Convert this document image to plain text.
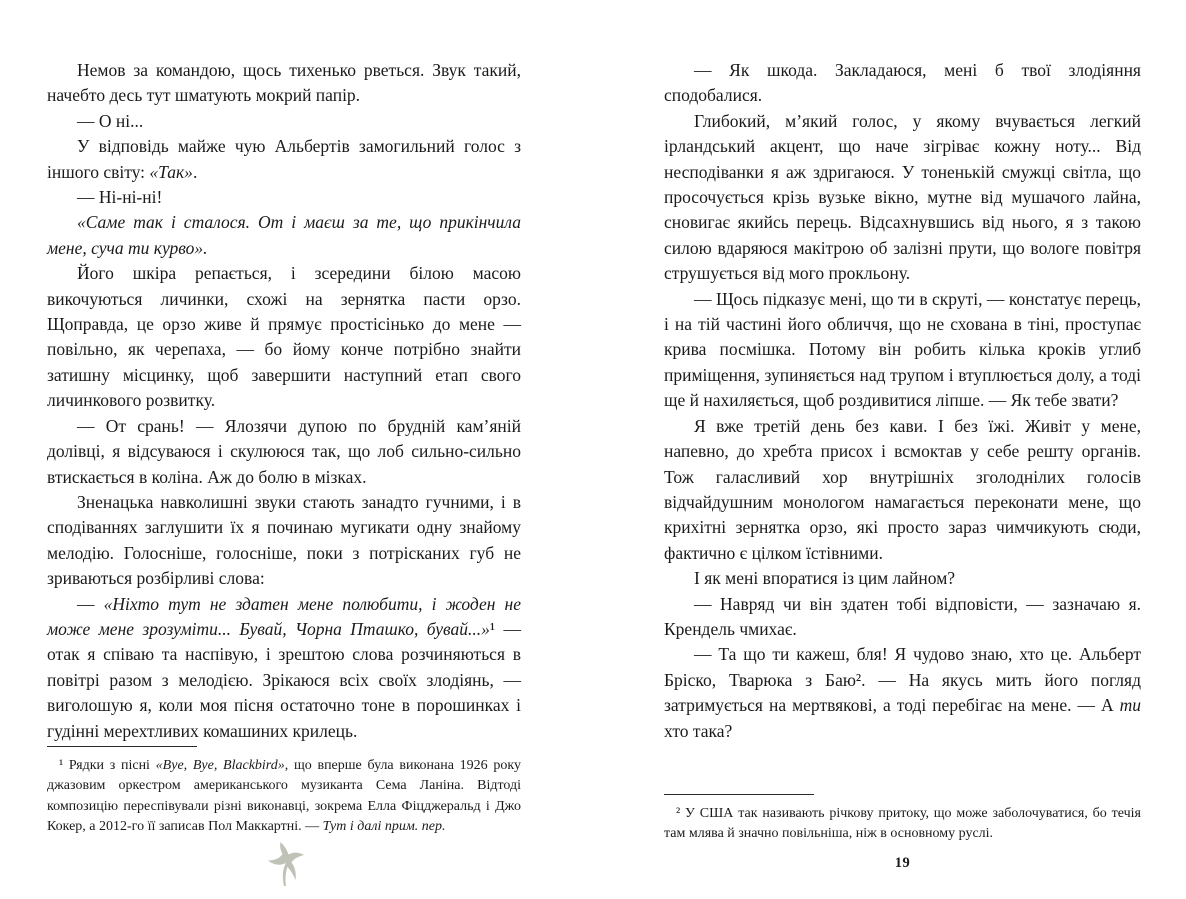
Немов за командою, щось тихенько рветься. Звук такий, начебто десь тут шматують мокрий папір.

— О ні...

У відповідь майже чую Альбертів замогильний голос з іншого світу: «Так».

— Ні-ні-ні!

«Саме так і сталося. От і маєш за те, що прикінчила мене, суча ти курво».

Його шкіра репається, і зсередини білою масою викочуються личинки, схожі на зернятка пасти орзо. Щоправда, це орзо живе й прямує простісінько до мене — повільно, як черепаха, — бо йому конче потрібно знайти затишну місцинку, щоб завершити наступний етап свого личинкового розвитку.

— От срань! — Ялозячи дупою по брудній кам’яній долівці, я відсуваюся і скулююся так, що лоб сильно-сильно втискається в коліна. Аж до болю в мізках.

Зненацька навколишні звуки стають занадто гучними, і в сподіваннях заглушити їх я починаю мугикати одну знайому мелодію. Голосніше, голосніше, поки з потрісканих губ не зриваються розбірливі слова:

— «Ніхто тут не здатен мене полюбити, і жоден не може мене зрозуміти... Бувай, Чорна Пташко, бувай...»¹ — отак я співаю та наспівую, і зрештою слова розчиняються в повітрі разом з мелодією. Зрікаюся всіх своїх злодіянь, — виголошую я, коли моя пісня остаточно тоне в порошинках і гудінні мерехтливих комашиних крилець.

¹ Рядки з пісні «Bye, Bye, Blackbird», що вперше була виконана 1926 року джазовим оркестром американського музиканта Сема Ланіна. Відтоді композицію переспівували різні виконавці, зокрема Елла Фіцджеральд і Джо Кокер, а 2012-го її записав Пол Маккартні. — Тут і далі прим. пер.

— Як шкода. Закладаюся, мені б твої злодіяння сподобалися.

Глибокий, м’який голос, у якому вчувається легкий ірландський акцент, що наче зігріває кожну ноту... Від несподіванки я аж здригаюся. У тоненькій смужці світла, що просочується крізь вузьке вікно, мутне від мушачого лайна, сновигає якийсь перець. Відсахнувшись від нього, я з такою силою вдаряюся макітрою об залізні прути, що вологе повітря струшується від мого прокльону.

— Щось підказує мені, що ти в скруті, — констатує перець, і на тій частині його обличчя, що не схована в тіні, проступає крива посмішка. Потому він робить кілька кроків углиб приміщення, зупиняється над трупом і втуплюється долу, а тоді ще й нахиляється, щоб роздивитися ліпше. — Як тебе звати?

Я вже третій день без кави. І без їжі. Живіт у мене, напевно, до хребта присох і всмоктав у себе решту органів. Тож галасливий хор внутрішніх зголоднілих голосів відчайдушним монологом намагається переконати мене, що крихітні зернятка орзо, які просто зараз чимчикують сюди, фактично є цілком їстівними.

І як мені впоратися із цим лайном?

— Навряд чи він здатен тобі відповісти, — зазначаю я. Крендель чмихає.

— Та що ти кажеш, бля! Я чудово знаю, хто це. Альберт Бріско, Тварюка з Баю². — На якусь мить його погляд затримується на мертвякові, а тоді перебігає на мене. — А ти хто така?

² У США так називають річкову притоку, що може заболочуватися, бо течія там млява й значно повільніша, ніж в основному руслі.

19
